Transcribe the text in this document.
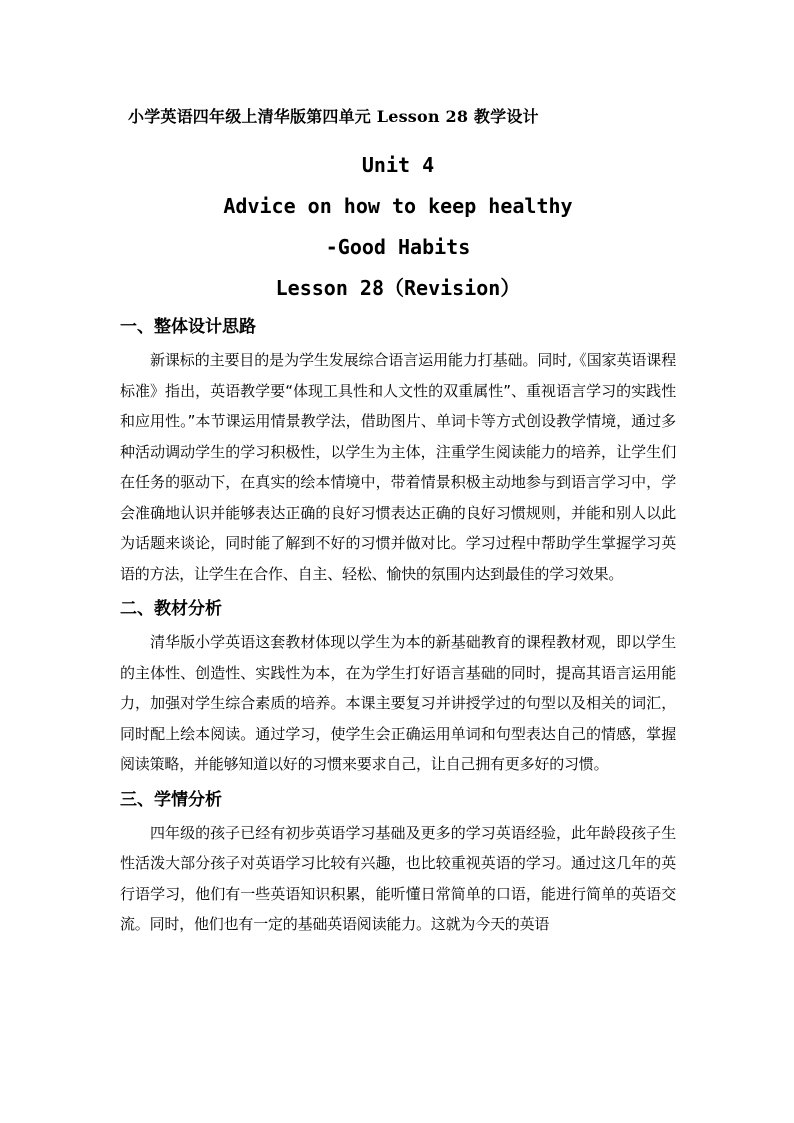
小学英语四年级上清华版第四单元 Lesson 28 教学设计
Unit 4
Advice on how to keep healthy
-Good Habits
Lesson 28（Revision）
一、整体设计思路

新课标的主要目的是为学生发展综合语言运用能力打基础。同时,《国家英语课程标准》指出，英语教学要“体现工具性和人文性的双重属性”、重视语言学习的实践性和应用性。”本节课运用情景教学法，借助图片、单词卡等方式创设教学情境，通过多种活动调动学生的学习积极性，以学生为主体，注重学生阅读能力的培养，让学生们在任务的驱动下，在真实的绘本情境中，带着情景积极主动地参与到语言学习中，学会准确地认识并能够表达正确的良好习惯表达正确的良好习惯规则，并能和别人以此为话题来谈论，同时能了解到不好的习惯并做对比。学习过程中帮助学生掌握学习英语的方法，让学生在合作、自主、轻松、愉快的氛围内达到最佳的学习效果。

二、教材分析

清华版小学英语这套教材体现以学生为本的新基础教育的课程教材观，即以学生的主体性、创造性、实践性为本，在为学生打好语言基础的同时，提高其语言运用能力，加强对学生综合素质的培养。本课主要复习并讲授学过的句型以及相关的词汇，同时配上绘本阅读。通过学习，使学生会正确运用单词和句型表达自己的情感，掌握阅读策略，并能够知道以好的习惯来要求自己，让自己拥有更多好的习惯。

三、学情分析

四年级的孩子已经有初步英语学习基础及更多的学习英语经验，此年龄段孩子生性活泼大部分孩子对英语学习比较有兴趣，也比较重视英语的学习。通过这几年的英行语学习，他们有一些英语知识积累，能听懂日常简单的口语，能进行简单的英语交流。同时，他们也有一定的基础英语阅读能力。这就为今天的英语
